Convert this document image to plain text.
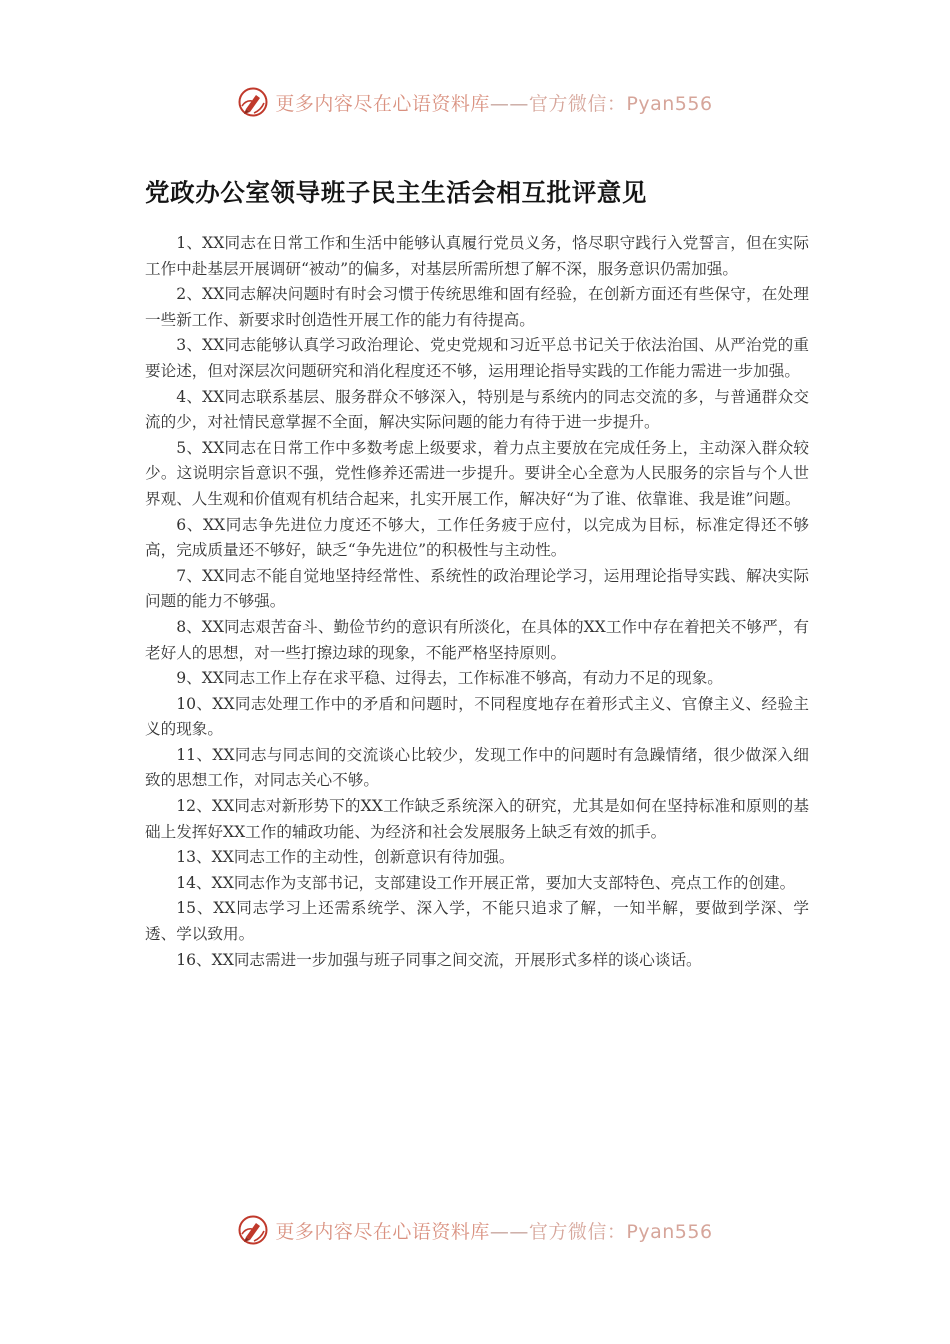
更多内容尽在心语资料库——官方微信：Pyan556
党政办公室领导班子民主生活会相互批评意见

1、XX同志在日常工作和生活中能够认真履行党员义务，恪尽职守践行入党誓言，但在实际工作中赴基层开展调研“被动”的偏多，对基层所需所想了解不深，服务意识仍需加强。

2、XX同志解决问题时有时会习惯于传统思维和固有经验，在创新方面还有些保守，在处理一些新工作、新要求时创造性开展工作的能力有待提高。

3、XX同志能够认真学习政治理论、党史党规和习近平总书记关于依法治国、从严治党的重要论述，但对深层次问题研究和消化程度还不够，运用理论指导实践的工作能力需进一步加强。

4、XX同志联系基层、服务群众不够深入，特别是与系统内的同志交流的多，与普通群众交流的少，对社情民意掌握不全面，解决实际问题的能力有待于进一步提升。

5、XX同志在日常工作中多数考虑上级要求，着力点主要放在完成任务上，主动深入群众较少。这说明宗旨意识不强，党性修养还需进一步提升。要讲全心全意为人民服务的宗旨与个人世界观、人生观和价值观有机结合起来，扎实开展工作，解决好“为了谁、依靠谁、我是谁”问题。

6、XX同志争先进位力度还不够大，工作任务疲于应付，以完成为目标，标准定得还不够高，完成质量还不够好，缺乏“争先进位”的积极性与主动性。

7、XX同志不能自觉地坚持经常性、系统性的政治理论学习，运用理论指导实践、解决实际问题的能力不够强。

8、XX同志艰苦奋斗、勤俭节约的意识有所淡化，在具体的XX工作中存在着把关不够严，有老好人的思想，对一些打擦边球的现象，不能严格坚持原则。

9、XX同志工作上存在求平稳、过得去，工作标准不够高，有动力不足的现象。

10、XX同志处理工作中的矛盾和问题时，不同程度地存在着形式主义、官僚主义、经验主义的现象。

11、XX同志与同志间的交流谈心比较少，发现工作中的问题时有急躁情绪，很少做深入细致的思想工作，对同志关心不够。

12、XX同志对新形势下的XX工作缺乏系统深入的研究，尤其是如何在坚持标准和原则的基础上发挥好XX工作的辅政功能、为经济和社会发展服务上缺乏有效的抓手。

13、XX同志工作的主动性，创新意识有待加强。

14、XX同志作为支部书记，支部建设工作开展正常，要加大支部特色、亮点工作的创建。

15、XX同志学习上还需系统学、深入学，不能只追求了解，一知半解，要做到学深、学透、学以致用。

16、XX同志需进一步加强与班子同事之间交流，开展形式多样的谈心谈话。

更多内容尽在心语资料库——官方微信：Pyan556
